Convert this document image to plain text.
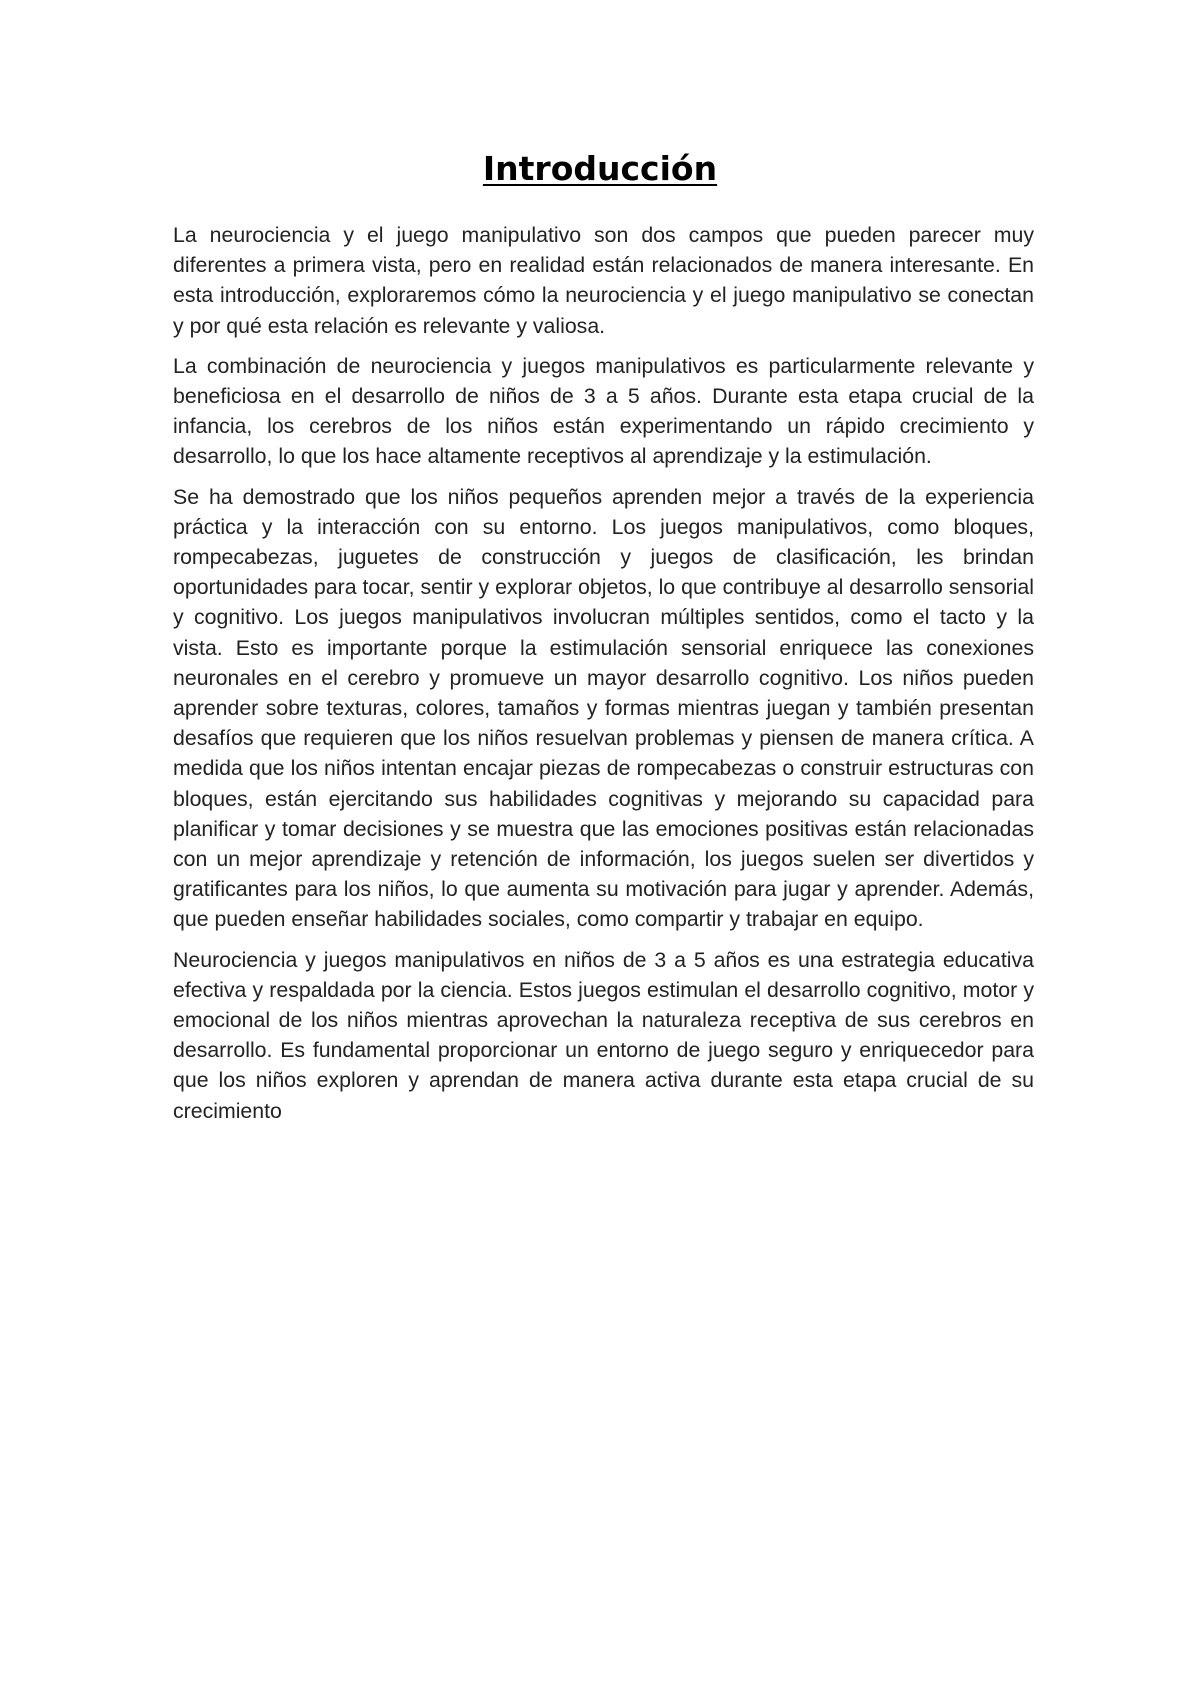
Introducción

La neurociencia y el juego manipulativo son dos campos que pueden parecer muy diferentes a primera vista, pero en realidad están relacionados de manera interesante. En esta introducción, exploraremos cómo la neurociencia y el juego manipulativo se conectan y por qué esta relación es relevante y valiosa.

La combinación de neurociencia y juegos manipulativos es particularmente relevante y beneficiosa en el desarrollo de niños de 3 a 5 años. Durante esta etapa crucial de la infancia, los cerebros de los niños están experimentando un rápido crecimiento y desarrollo, lo que los hace altamente receptivos al aprendizaje y la estimulación.

Se ha demostrado que los niños pequeños aprenden mejor a través de la experiencia práctica y la interacción con su entorno. Los juegos manipulativos, como bloques, rompecabezas, juguetes de construcción y juegos de clasificación, les brindan oportunidades para tocar, sentir y explorar objetos, lo que contribuye al desarrollo sensorial y cognitivo. Los juegos manipulativos involucran múltiples sentidos, como el tacto y la vista. Esto es importante porque la estimulación sensorial enriquece las conexiones neuronales en el cerebro y promueve un mayor desarrollo cognitivo. Los niños pueden aprender sobre texturas, colores, tamaños y formas mientras juegan y también presentan desafíos que requieren que los niños resuelvan problemas y piensen de manera crítica. A medida que los niños intentan encajar piezas de rompecabezas o construir estructuras con bloques, están ejercitando sus habilidades cognitivas y mejorando su capacidad para planificar y tomar decisiones y se muestra que las emociones positivas están relacionadas con un mejor aprendizaje y retención de información, los juegos suelen ser divertidos y gratificantes para los niños, lo que aumenta su motivación para jugar y aprender. Además, que pueden enseñar habilidades sociales, como compartir y trabajar en equipo.

Neurociencia y juegos manipulativos en niños de 3 a 5 años es una estrategia educativa efectiva y respaldada por la ciencia. Estos juegos estimulan el desarrollo cognitivo, motor y emocional de los niños mientras aprovechan la naturaleza receptiva de sus cerebros en desarrollo. Es fundamental proporcionar un entorno de juego seguro y enriquecedor para que los niños exploren y aprendan de manera activa durante esta etapa crucial de su crecimiento
